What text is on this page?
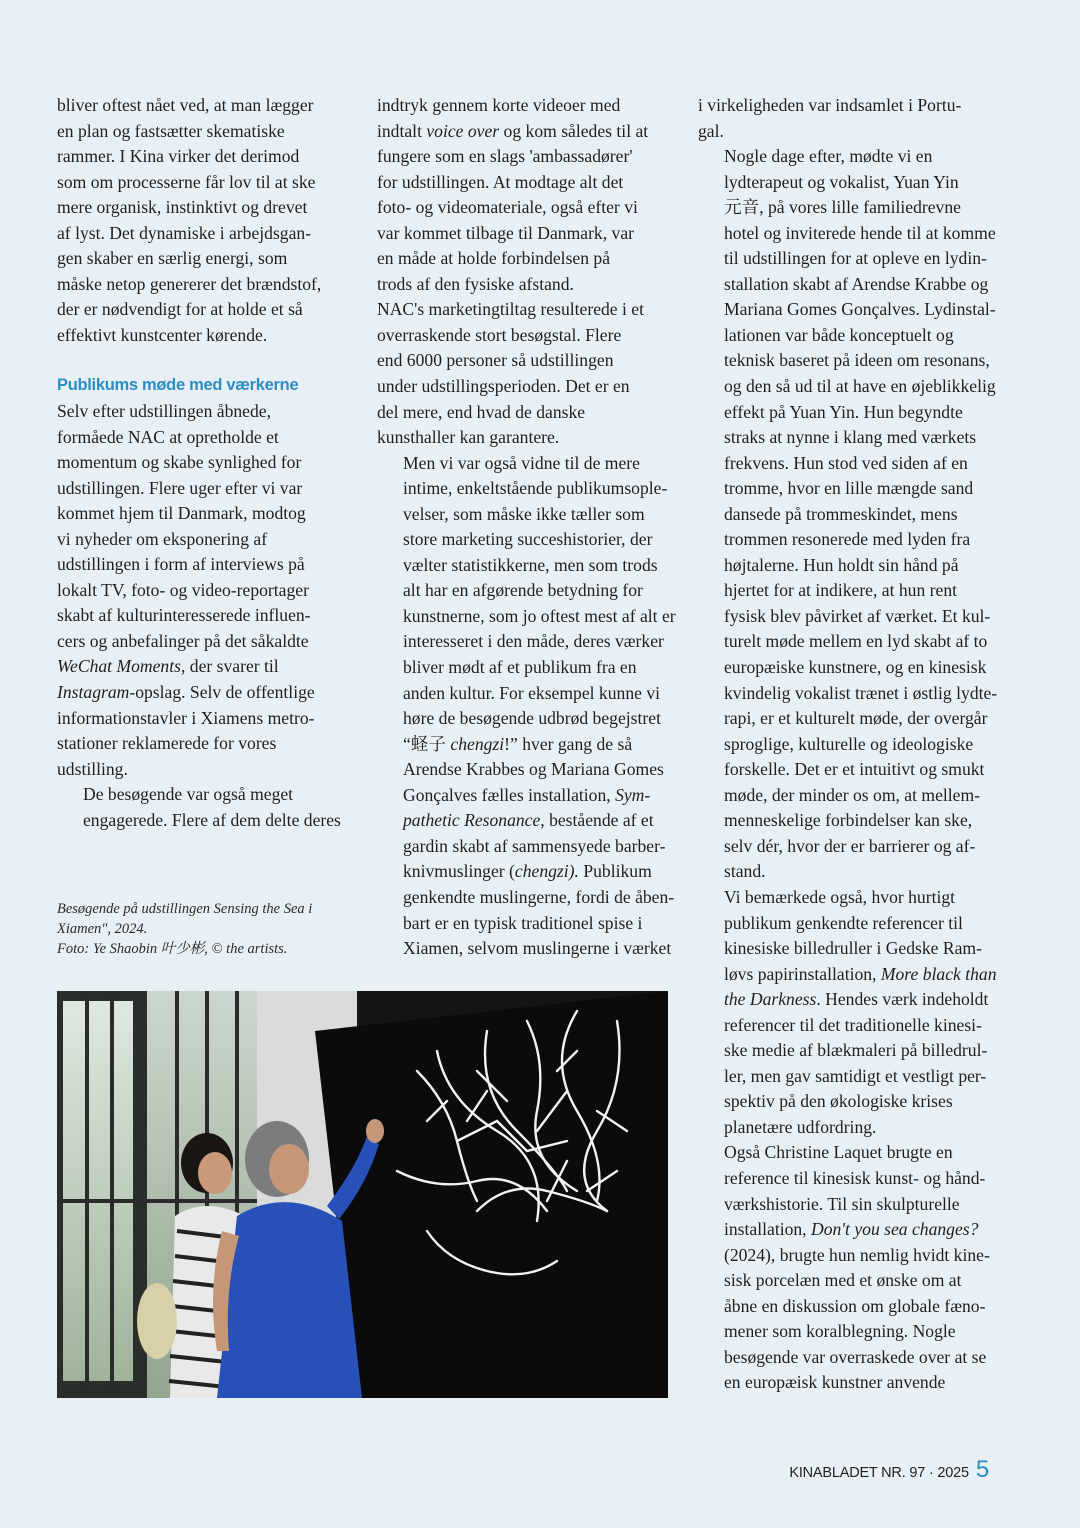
bliver oftest nået ved, at man lægger
en plan og fastsætter skematiske
rammer. I Kina virker det derimod
som om processerne får lov til at ske
mere organisk, instinktivt og drevet
af lyst. Det dynamiske i arbejdsgan-
gen skaber en særlig energi, som
måske netop genererer det brændstof,
der er nødvendigt for at holde et så
effektivt kunstcenter kørende.

Publikums møde med værkerne

Selv efter udstillingen åbnede,
formåede NAC at opretholde et
momentum og skabe synlighed for
udstillingen. Flere uger efter vi var
kommet hjem til Danmark, modtog
vi nyheder om eksponering af
udstillingen i form af interviews på
lokalt TV, foto- og video-reportager
skabt af kulturinteresserede influen-
cers og anbefalinger på det såkaldte
WeChat Moments, der svarer til
Instagram-opslag. Selv de offentlige
informationstavler i Xiamens metro-
stationer reklamerede for vores
udstilling.

De besøgende var også meget
engagerede. Flere af dem delte deres

Besøgende på udstillingen Sensing the Sea i
Xiamen", 2024.
Foto: Ye Shaobin 叶少彬, © the artists.

indtryk gennem korte videoer med
indtalt voice over og kom således til at
fungere som en slags 'ambassadører'
for udstillingen. At modtage alt det
foto- og videomateriale, også efter vi
var kommet tilbage til Danmark, var
en måde at holde forbindelsen på
trods af den fysiske afstand.

NAC's marketingtiltag resulterede i et
overraskende stort besøgstal. Flere
end 6000 personer så udstillingen
under udstillingsperioden. Det er en
del mere, end hvad de danske
kunsthaller kan garantere.

Men vi var også vidne til de mere
intime, enkeltstående publikumsople-
velser, som måske ikke tæller som
store marketing succeshistorier, der
vælter statistikkerne, men som trods
alt har en afgørende betydning for
kunstnerne, som jo oftest mest af alt er
interesseret i den måde, deres værker
bliver mødt af et publikum fra en
anden kultur. For eksempel kunne vi
høre de besøgende udbrød begejstret
“蛏子 chengzi!” hver gang de så
Arendse Krabbes og Mariana Gomes
Gonçalves fælles installation, Sym-
pathetic Resonance, bestående af et
gardin skabt af sammensyede barber-
knivmuslinger (chengzi). Publikum
genkendte muslingerne, fordi de åben-
bart er en typisk traditionel spise i
Xiamen, selvom muslingerne i værket

i virkeligheden var indsamlet i Portu-
gal.

Nogle dage efter, mødte vi en
lydterapeut og vokalist, Yuan Yin
元音, på vores lille familiedrevne
hotel og inviterede hende til at komme
til udstillingen for at opleve en lydin-
stallation skabt af Arendse Krabbe og
Mariana Gomes Gonçalves. Lydinstal-
lationen var både konceptuelt og
teknisk baseret på ideen om resonans,
og den så ud til at have en øjeblikkelig
effekt på Yuan Yin. Hun begyndte
straks at nynne i klang med værkets
frekvens. Hun stod ved siden af en
tromme, hvor en lille mængde sand
dansede på trommeskindet, mens
trommen resonerede med lyden fra
højtalerne. Hun holdt sin hånd på
hjertet for at indikere, at hun rent
fysisk blev påvirket af værket. Et kul-
turelt møde mellem en lyd skabt af to
europæiske kunstnere, og en kinesisk
kvindelig vokalist trænet i østlig lydte-
rapi, er et kulturelt møde, der overgår
sproglige, kulturelle og ideologiske
forskelle. Det er et intuitivt og smukt
møde, der minder os om, at mellem-
menneskelige forbindelser kan ske,
selv dér, hvor der er barrierer og af-
stand.

Vi bemærkede også, hvor hurtigt
publikum genkendte referencer til
kinesiske billedruller i Gedske Ram-
løvs papirinstallation, More black than
the Darkness. Hendes værk indeholdt
referencer til det traditionelle kinesi-
ske medie af blækmaleri på billedrul-
ler, men gav samtidigt et vestligt per-
spektiv på den økologiske krises
planetære udfordring.

Også Christine Laquet brugte en
reference til kinesisk kunst- og hånd-
værkshistorie. Til sin skulpturelle
installation, Don't you sea changes?
(2024), brugte hun nemlig hvidt kine-
sisk porcelæn med et ønske om at
åbne en diskussion om globale fæno-
mener som koralblegning. Nogle
besøgende var overraskede over at se
en europæisk kunstner anvende

KINABLADET NR. 97 · 2025 5
